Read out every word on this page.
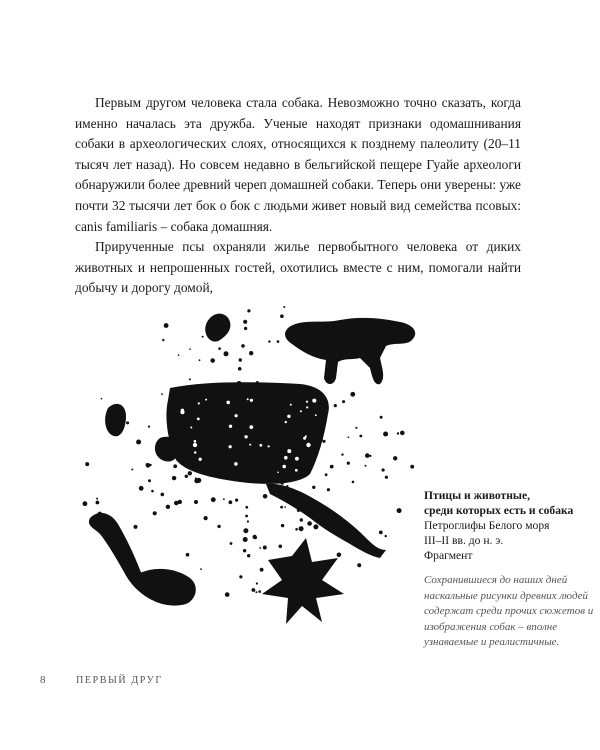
Первым другом человека стала собака. Невозможно точно сказать, когда именно началась эта дружба. Ученые находят признаки одомашнивания собаки в археологических слоях, относящихся к позднему палеолиту (20–11 тысяч лет назад). Но совсем недавно в бельгийской пещере Гуайе археологи обнаружили более древний череп домашней собаки. Теперь они уверены: уже почти 32 тысячи лет бок о бок с людьми живет новый вид семейства псовых: canis familiaris – собака домашняя.

Прирученные псы охраняли жилье первобытного человека от диких животных и непрошенных гостей, охотились вместе с ним, помогали найти добычу и дорогу домой,

Птицы и животные,

среди которых есть и собака

Петроглифы Белого моря

III–II вв. до н. э.

Фрагмент

Сохранившиеся до наших дней наскальные рисунки древних людей содержат среди прочих сюжетов и изображения собак – вполне узнаваемые и реалистичные.

8	ПЕРВЫЙ ДРУГ
